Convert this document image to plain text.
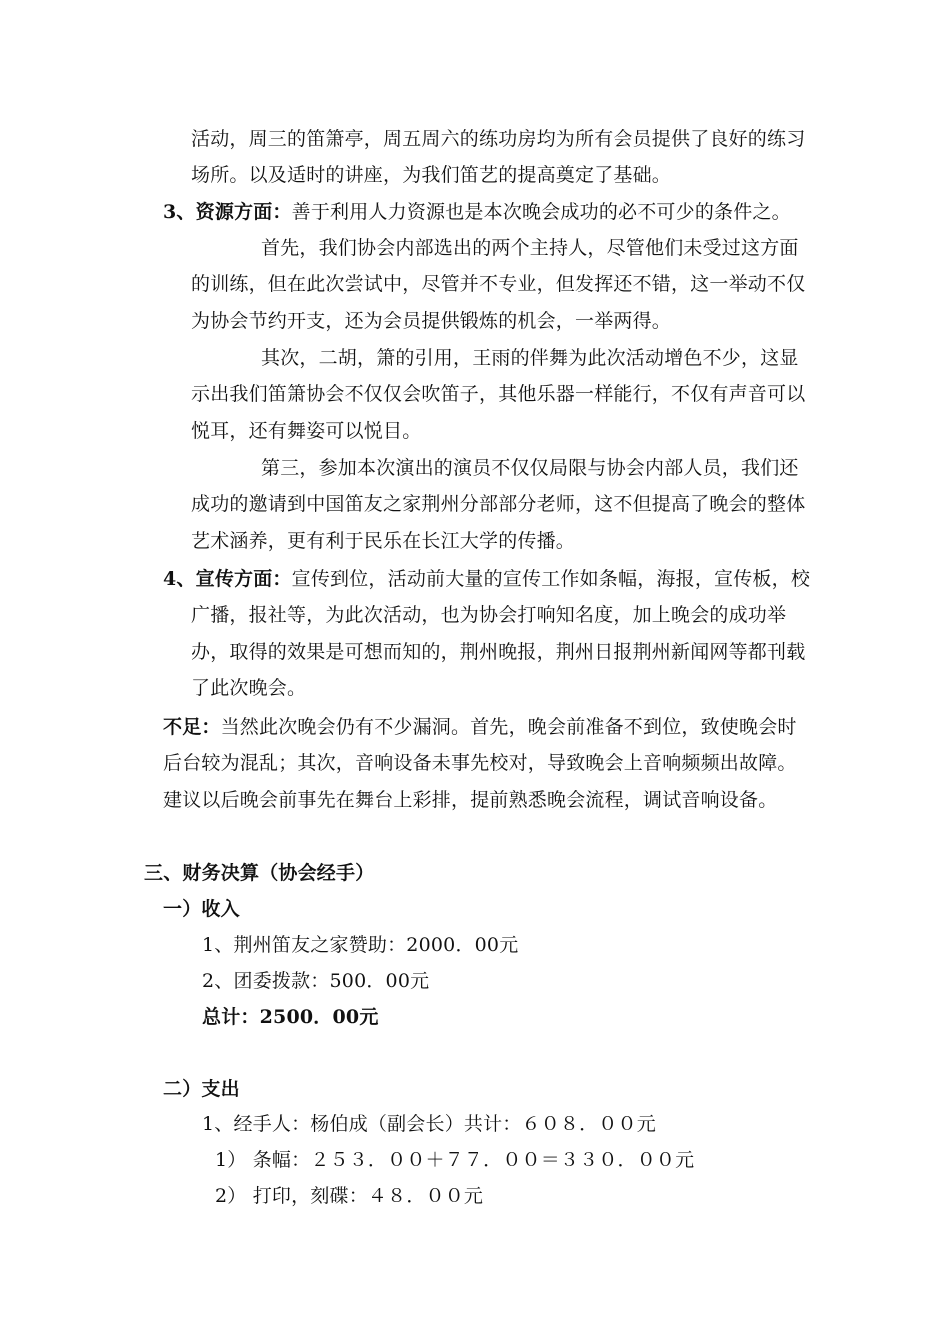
活动，周三的笛箫亭，周五周六的练功房均为所有会员提供了良好的练习
场所。以及适时的讲座，为我们笛艺的提高奠定了基础。
3、资源方面：善于利用人力资源也是本次晚会成功的必不可少的条件之。
首先，我们协会内部选出的两个主持人，尽管他们未受过这方面
的训练，但在此次尝试中，尽管并不专业，但发挥还不错，这一举动不仅
为协会节约开支，还为会员提供锻炼的机会，一举两得。
其次，二胡，箫的引用，王雨的伴舞为此次活动增色不少，这显
示出我们笛箫协会不仅仅会吹笛子，其他乐器一样能行，不仅有声音可以
悦耳，还有舞姿可以悦目。
第三，参加本次演出的演员不仅仅局限与协会内部人员，我们还
成功的邀请到中国笛友之家荆州分部部分老师，这不但提高了晚会的整体
艺术涵养，更有利于民乐在长江大学的传播。
4、宣传方面：宣传到位，活动前大量的宣传工作如条幅，海报，宣传板，校
广播，报社等，为此次活动，也为协会打响知名度，加上晚会的成功举
办，取得的效果是可想而知的，荆州晚报，荆州日报荆州新闻网等都刊载
了此次晚会。
不足：当然此次晚会仍有不少漏洞。首先，晚会前准备不到位，致使晚会时
后台较为混乱；其次，音响设备未事先校对，导致晚会上音响频频出故障。
建议以后晚会前事先在舞台上彩排，提前熟悉晚会流程，调试音响设备。
三、财务决算（协会经手）
一）收入
1、荆州笛友之家赞助：2000．00元
2、团委拨款：500．00元
总计：2500．00元
二）支出
1、经手人：杨伯成（副会长）共计：６０８．００元
1） 条幅：２５３．００＋７７．００＝３３０．００元
2） 打印，刻碟：４８．００元
